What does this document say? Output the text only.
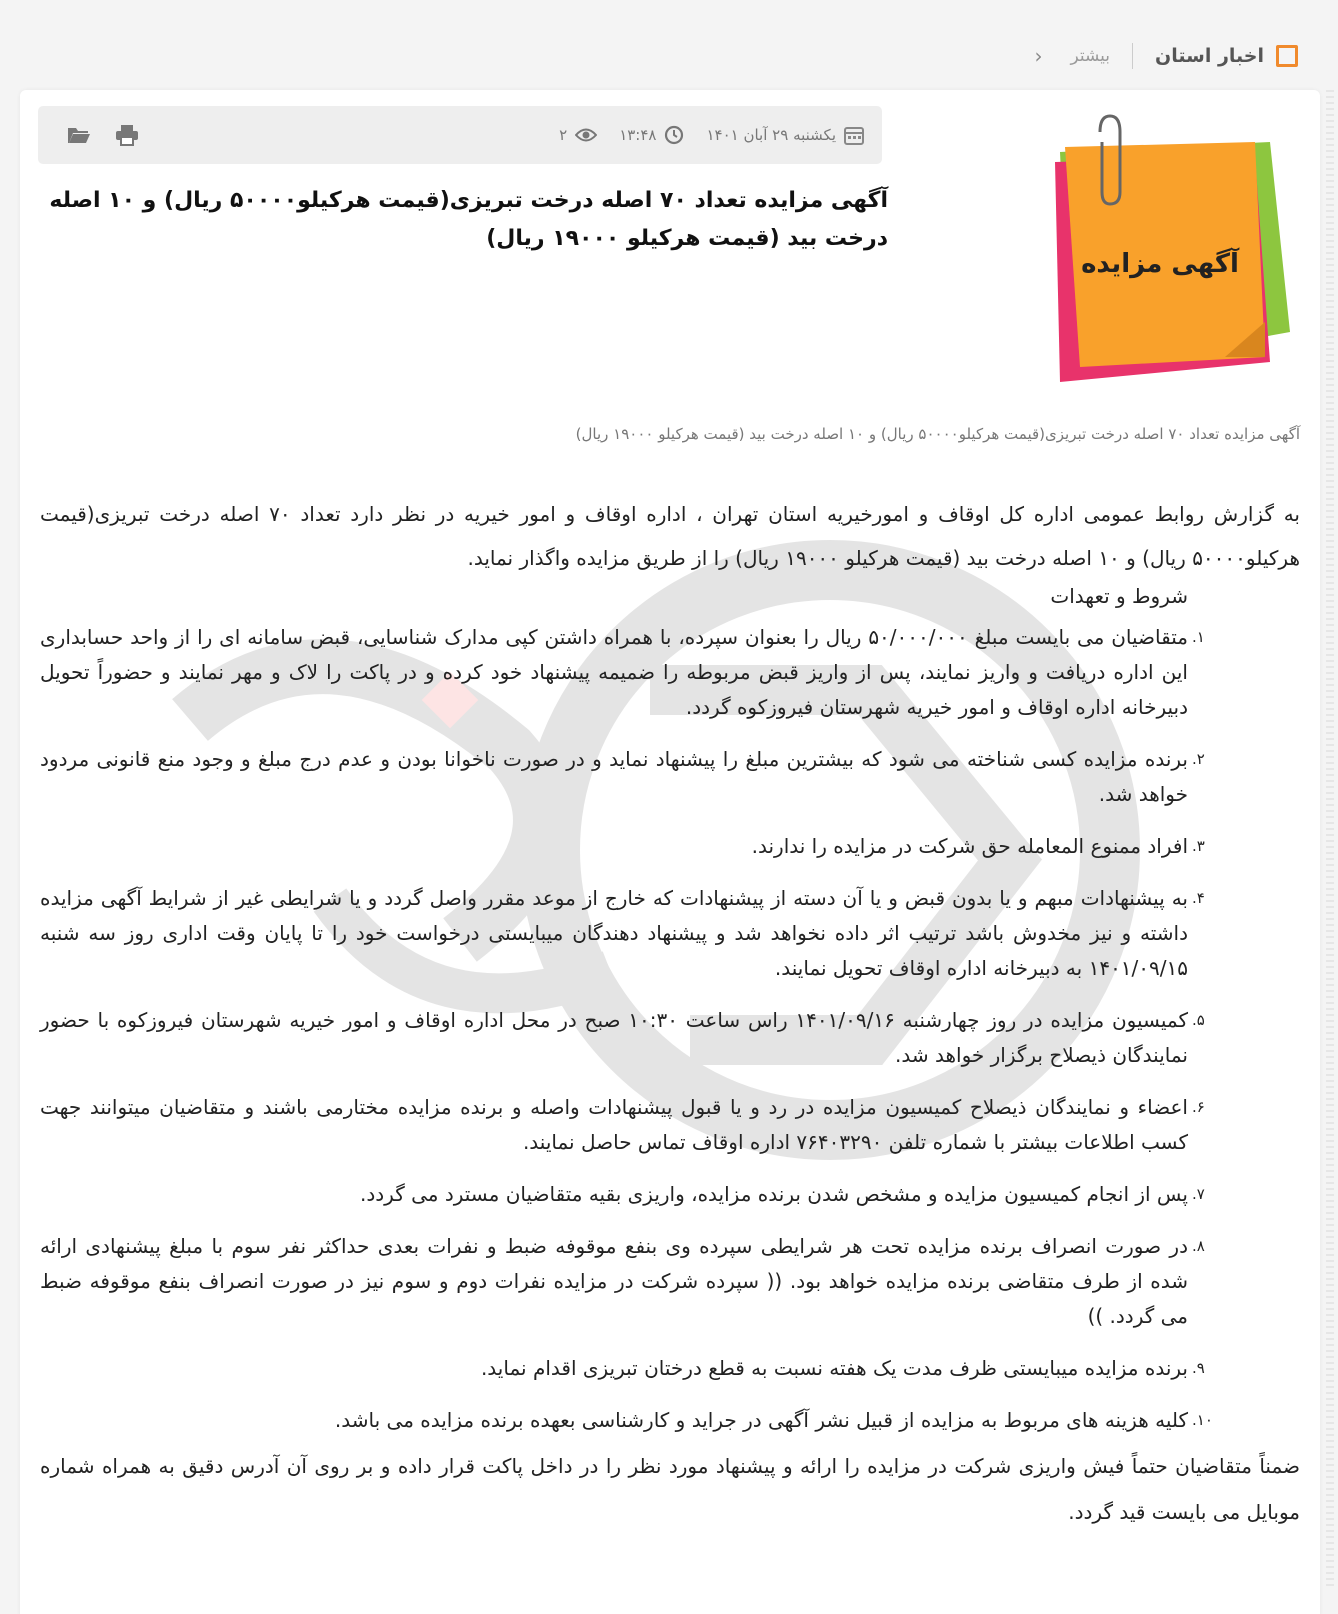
اخبار استان
بیشتر
‹
یکشنبه ۲۹ آبان ۱۴۰۱
۱۳:۴۸
۲
آگهی مزایده تعداد ۷۰ اصله درخت تبریزی(قیمت هرکیلو۵۰۰۰۰ ریال) و ۱۰ اصله درخت بید (قیمت هرکیلو ۱۹۰۰۰ ریال)
آگهی مزایده
آگهی مزایده تعداد ۷۰ اصله درخت تبریزی(قیمت هرکیلو۵۰۰۰۰ ریال) و ۱۰ اصله درخت بید (قیمت هرکیلو ۱۹۰۰۰ ریال)

به گزارش روابط عمومی اداره کل اوقاف و امورخیریه استان تهران ، اداره اوقاف و امور خیریه در نظر دارد تعداد ۷۰ اصله درخت تبریزی(قیمت هرکیلو۵۰۰۰۰ ریال) و ۱۰ اصله درخت بید (قیمت هرکیلو ۱۹۰۰۰ ریال) را از طریق مزایده واگذار نماید.

شروط و تعهدات
۱.
متقاضیان می بایست مبلغ ۵۰/۰۰۰/۰۰۰ ریال را بعنوان سپرده، با همراه داشتن کپی مدارک شناسایی، قبض سامانه ای را از واحد حسابداری این اداره دریافت و واریز نمایند، پس از واریز قبض مربوطه را ضمیمه پیشنهاد خود کرده و در پاکت را لاک و مهر نمایند و حضوراً تحویل دبیرخانه اداره اوقاف و امور خیریه شهرستان فیروزکوه گردد.
۲.
برنده مزایده کسی شناخته می شود که بیشترین مبلغ را پیشنهاد نماید و در صورت ناخوانا بودن و عدم درج مبلغ و وجود منع قانونی مردود خواهد شد.
۳.
افراد ممنوع المعامله حق شرکت در مزایده را ندارند.
۴.
به پیشنهادات مبهم و یا بدون قبض و یا آن دسته از پیشنهادات که خارج از موعد مقرر واصل گردد و یا شرایطی غیر از شرایط آگهی مزایده داشته و نیز مخدوش باشد ترتیب اثر داده نخواهد شد و پیشنهاد دهندگان میبایستی درخواست خود را تا پایان وقت اداری روز سه شنبه ۱۴۰۱/۰۹/۱۵ به دبیرخانه اداره اوقاف تحویل نمایند.
۵.
کمیسیون مزایده در روز چهارشنبه ۱۴۰۱/۰۹/۱۶ راس ساعت ۱۰:۳۰ صبح در محل اداره اوقاف و امور خیریه شهرستان فیروزکوه با حضور نمایندگان ذیصلاح برگزار خواهد شد.
۶.
اعضاء و نمایندگان ذیصلاح کمیسیون مزایده در رد و یا قبول پیشنهادات واصله و برنده مزایده مختارمی باشند و متقاضیان میتوانند جهت کسب اطلاعات بیشتر با شماره تلفن ۷۶۴۰۳۲۹۰ اداره اوقاف تماس حاصل نمایند.
۷.
پس از انجام کمیسیون مزایده و مشخص شدن برنده مزایده، واریزی بقیه متقاضیان مسترد می گردد.
۸.
در صورت انصراف برنده مزایده تحت هر شرایطی سپرده وی بنفع موقوفه ضبط و نفرات بعدی حداکثر نفر سوم با مبلغ پیشنهادی ارائه شده از طرف متقاضی برنده مزایده خواهد بود. (( سپرده شرکت در مزایده نفرات دوم و سوم نیز در صورت انصراف بنفع موقوفه ضبط می گردد. ))
۹.
برنده مزایده میبایستی ظرف مدت یک هفته نسبت به قطع درختان تبریزی اقدام نماید.
۱۰.
کلیه هزینه های مربوط به مزایده از قبیل نشر آگهی در جراید و کارشناسی بعهده برنده مزایده می باشد.

ضمناً متقاضیان حتماً فیش واریزی شرکت در مزایده را ارائه و پیشنهاد مورد نظر را در داخل پاکت قرار داده و بر روی آن آدرس دقیق به همراه شماره موبایل می بایست قید گردد.
